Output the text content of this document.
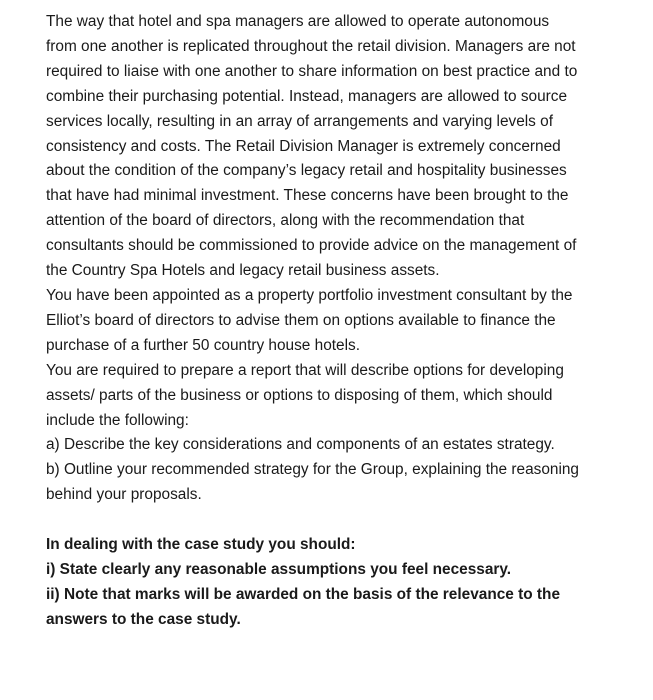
The way that hotel and spa managers are allowed to operate autonomous
from one another is replicated throughout the retail division. Managers are not
required to liaise with one another to share information on best practice and to
combine their purchasing potential. Instead, managers are allowed to source
services locally, resulting in an array of arrangements and varying levels of
consistency and costs. The Retail Division Manager is extremely concerned
about the condition of the company’s legacy retail and hospitality businesses
that have had minimal investment. These concerns have been brought to the
attention of the board of directors, along with the recommendation that
consultants should be commissioned to provide advice on the management of
the Country Spa Hotels and legacy retail business assets.
You have been appointed as a property portfolio investment consultant by the
Elliot’s board of directors to advise them on options available to finance the
purchase of a further 50 country house hotels.
You are required to prepare a report that will describe options for developing
assets/ parts of the business or options to disposing of them, which should
include the following:
a) Describe the key considerations and components of an estates strategy.
b) Outline your recommended strategy for the Group, explaining the reasoning
behind your proposals.
In dealing with the case study you should:
i) State clearly any reasonable assumptions you feel necessary.
ii) Note that marks will be awarded on the basis of the relevance to the
answers to the case study.
